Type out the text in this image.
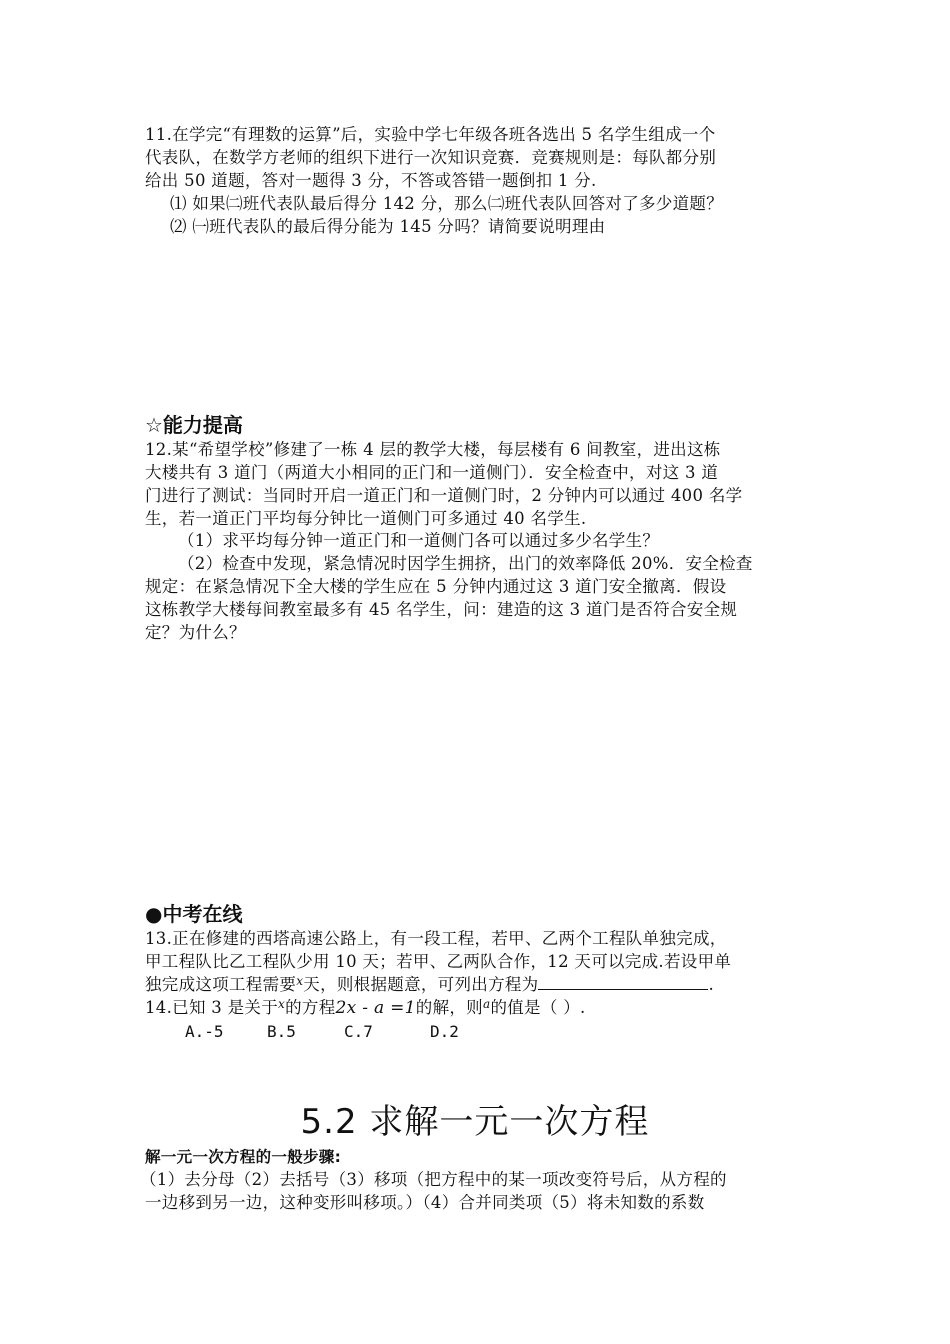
11.在学完“有理数的运算”后，实验中学七年级各班各选出 5 名学生组成一个
代表队，在数学方老师的组织下进行一次知识竞赛．竞赛规则是：每队都分别
给出 50 道题，答对一题得 3 分，不答或答错一题倒扣 1 分.
⑴ 如果㈡班代表队最后得分 142 分，那么㈡班代表队回答对了多少道题？
⑵ ㈠班代表队的最后得分能为 145 分吗？请简要说明理由
☆能力提高
12.某“希望学校”修建了一栋 4 层的教学大楼，每层楼有 6 间教室，进出这栋
大楼共有 3 道门（两道大小相同的正门和一道侧门）．安全检查中，对这 3 道
门进行了测试：当同时开启一道正门和一道侧门时，2 分钟内可以通过 400 名学
生，若一道正门平均每分钟比一道侧门可多通过 40 名学生.
（1）求平均每分钟一道正门和一道侧门各可以通过多少名学生？
（2）检查中发现，紧急情况时因学生拥挤，出门的效率降低 20%．安全检查
规定：在紧急情况下全大楼的学生应在 5 分钟内通过这 3 道门安全撤离．假设
这栋教学大楼每间教室最多有 45 名学生，问：建造的这 3 道门是否符合安全规
定？为什么？
●中考在线
13.正在修建的西塔高速公路上，有一段工程，若甲、乙两个工程队单独完成，
甲工程队比乙工程队少用 10 天；若甲、乙两队合作，12 天可以完成.若设甲单
独完成这项工程需要$^x$天，则根据题意，可列出方程为	.
14.已知 3 是关于$^x$的方程2x - a =1的解，则$^a$的值是（ ）.
A.-5	B.5	C.7	D.2
5.2 求解一元一次方程
解一元一次方程的一般步骤:
（1）去分母（2）去括号（3）移项（把方程中的某一项改变符号后，从方程的
一边移到另一边，这种变形叫移项。）（4）合并同类项（5）将未知数的系数
